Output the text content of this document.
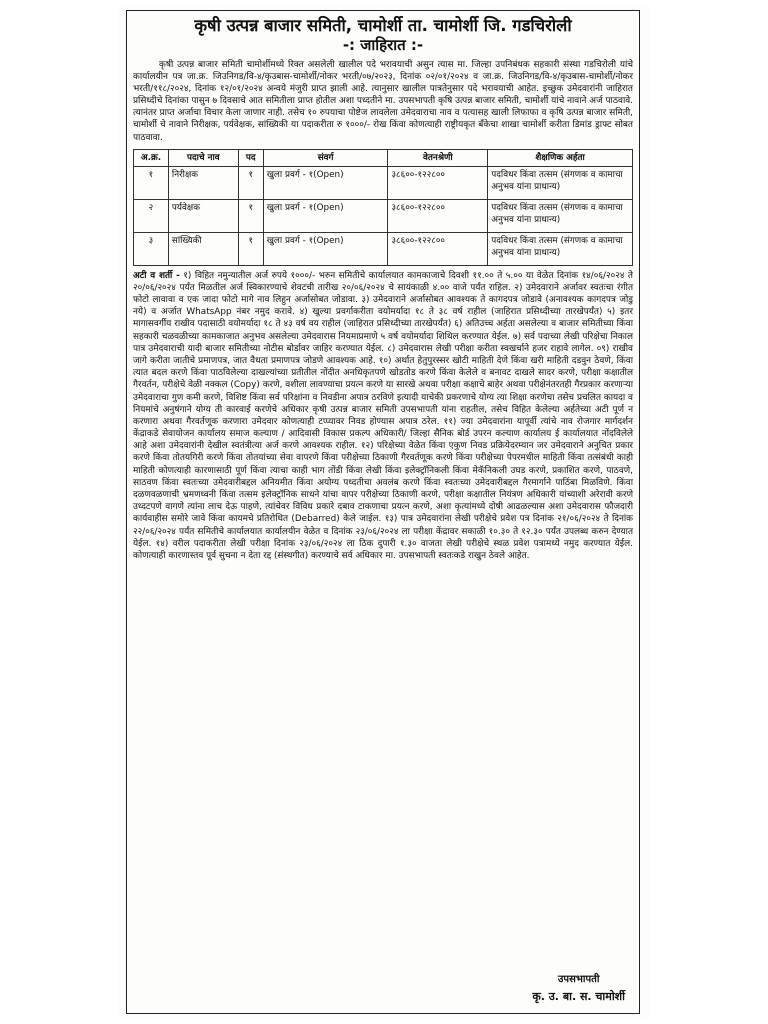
कृषी उत्पन्न बाजार समिती, चामोर्शी ता. चामोर्शी जि. गडचिरोली
-: जाहिरात :-

कृषी उत्पन्न बाजार समिती चामोर्शीमध्ये रिक्त असलेली खालील पदे भरावयाची असुन त्यास मा. जिल्हा उपनिबंधक सहकारी संस्था गडचिरोली यांचे कार्यालयीन पत्र जा.क्र. जिउनिगड/वि-४/कृउबास-चामोर्शी/नोकर भरती/०७/२०२३, दिनांक ०२/०१/२०२४ व जा.क्र. जिउनिगड/वि-४/कृउबास-चामोर्शी/नोकर भरती/११८/२०२४, दिनांक १२/०१/२०२४ अन्वये मंजुरी प्राप्त झाली आहे. त्यानुसार खालील पात्रतेनुसार पदे भरावयाची आहेत. इच्छुक उमेदवारांनी जाहिरात प्रसिध्दीचे दिनांका पासुन ७ दिवसाचे आत समितीला प्राप्त होतील अशा पध्दतीने मा. उपसभापती कृषि उत्पन्न बाजार समिती, चामोर्शी यांचे नावाने अर्ज पाठवावे. त्यानंतर प्राप्त अर्जाचा विचार केला जाणार नाही. तसेच १० रुपयाचा पोष्टेज लावलेला उमेदवाराचा नाव व पत्यासह खाली लिफाफा व कृषि उत्पन्न बाजार समिती, चामोर्शी चे नावाने निरीक्षक, पर्यवेक्षक, सांख्यिकी या पदाकरीता रु १०००/- रोख किंवा कोणत्याही राष्ट्रीयकृत बँकेचा शाखा चामोर्शी करीता डिमांड ड्राफ्ट सोबत पाठवावा.

अ.क्र.	पदाचे नाव	पद	संवर्ग	वेतनश्रेणी	शैक्षणिक अर्हता
१	निरीक्षक	१	खुला प्रवर्ग - १(Open)	३८६००-१२२८००	पदविधर किंवा तत्सम (संगणक व कामाचा अनुभव यांना प्राधान्य)
२	पर्यवेक्षक	१	खुला प्रवर्ग - १(Open)	३८६००-१२२८००	पदविधर किंवा तत्सम (संगणक व कामाचा अनुभव यांना प्राधान्य)
३	सांख्यिकी	१	खुला प्रवर्ग - १(Open)	३८६००-१२२८००	पदविधर किंवा तत्सम (संगणक व कामाचा अनुभव यांना प्राधान्य)

अटी व शर्ती - १) विहित नमुन्यातील अर्ज रुपये १०००/- भरुन समितीचे कार्यालयात कामकाजाचे दिवशी ११.०० ते ५.०० या वेळेत दिनांक १४/०६/२०२४ ते २०/०६/२०२४ पर्यंत मिळतील अर्ज स्विकारण्याचे शेवटची तारीख २०/०६/२०२४ चे सायंकाळी ४.०० वाजे पर्यंत राहिल. २) उमेदवाराने अर्जावर स्वतःचा रंगीत फोटो लावावा व एक जादा फोटो मागे नाव लिहुन अर्जासोबत जोडावा. ३) उमेदवाराने अर्जासोबत आवश्यक ते कागदपत्र जोडावे (अनावश्यक कागदपत्र जोडु नये) व अर्जात WhatsApp नंबर नमुद करावे. ४) खुल्या प्रवर्गाकरीता वयोमर्यादा १८ ते ३८ वर्ष राहील (जाहिरात प्रसिध्दीच्या तारखेपर्यंत) ५) इतर मागासवर्गीय राखीव पदासाठी वयोमर्यादा १८ ते ४३ वर्ष वय राहील (जाहिरात प्रसिध्दीच्या तारखेपर्यंत) ६) अतिउच्च अर्हता असलेल्या व बाजार समितीच्या किंवा सहकारी चळवळीच्या कामकाजात अनुभव असलेल्या उमेदवारास नियमाप्रमाणे ५ वर्ष वयोमर्यादा शिथिल करण्यात येईल. ७) सर्व पदाच्या लेखी परिक्षेचा निकाल पात्र उमेदवाराची यादी बाजार समितीच्या नोटीस बोर्डावर जाहिर करण्यात येईल. ८) उमेदवारास लेखी परीक्षा करीता स्वखर्चाने हजर राहावे लागेल. ०९) राखीव जागे करीता जातीचे प्रमाणपत्र, जात वैधता प्रमाणपत्र जोडणे आवश्यक आहे. १०) अर्थात हेतुपुरस्सर खोटी माहिती देणे किंवा खरी माहिती दडवुन ठेवणे, किंवा त्यात बदल करणे किंवा पाठविलेल्या दाखल्यांच्या प्रतीतील नोंदीत अनधिकृतपणे खोडतोड करणे किंवा केलेले व बनावट दाखले सादर करणे, परीक्षा कक्षातील गैरवर्तन, परीक्षेचे वेळी नक्कल (Copy) करणे, वशीला लावण्याचा प्रयत्न करणे या सारखे अथवा परीक्षा कक्षाचे बाहेर अथवा परीक्षेनंतरतही गैरप्रकार करणाऱ्या उमेदवाराचा गुण कमी करणे, विशिष्ट किंवा सर्व परिक्षांना व निवडीना अपात्र ठरविणे इत्यादी याचेकी प्रकरणाचे योग्य त्या शिक्षा करणेचा तसेच प्रचलित कायदा व नियमांचे अनुषंगाने योग्य ती कारवाई करणेचे अधिकार कृषी उत्पन्न बाजार समिती उपसभापती यांना राहतील, तसेच विहित केलेल्या अर्हतेच्या अटी पूर्ण न करणारा अथवा गैरवर्तणूक करणारा उमेदवार कोणत्याही टप्प्यावर निवड होण्यास अपात्र ठरेल. ११) ज्या उमेदवारांना यापूर्वी त्यांचे नाव रोजगार मार्गदर्शन केंद्राकडे सेवायोजन कार्यालय समाज कल्याण / आदिवासी विकास प्रकल्प अधिकारी/ जिल्हा सैनिक बोर्ड उपरन कल्याण कार्यालय ई कार्यालयात नोंदविलेले आहे अशा उमेदवारांनी देखील स्वतंत्रीत्या अर्ज करणे आवश्यक राहील. १२) परिक्षेच्या वेळेत किंवा एकुण निवड प्रक्रियेदरम्यान जर उमेदवाराने अनुचित प्रकार करणे किंवा तोतयगिरी करणे किंवा तोतयांच्या सेवा वापरणे किंवा परीक्षेच्या ठिकाणी गैरवर्तणूक करणे किंवा परीक्षेच्या पेपरमधील माहिती किंवा तत्संबंधी काही माहिती कोणत्याही कारणासाठी पूर्ण किंवा त्याचा काही भाग तोंडी किंवा लेखी किंवा इलेक्ट्रॉनिकली किंवा मेकॅनिकली उघड करणे, प्रकाशित करणे, पाठवणे, साठवण किंवा स्वतःच्या उमेदवारीबद्दल अनियमीत किंवा अयोग्य पध्दतीचा अवलंब करणे किंवा स्वतःच्या उमेदवारीबद्दल गैरमार्गाने पाठिंबा मिळविणे. किंवा दळणवळणाची भ्रमणध्वनी किंवा तत्सम इलेक्ट्रॉनिक साधने यांचा वापर परीक्षेच्या ठिकाणी करणे, परीक्षा कक्षातील नियंत्रण अधिकारी यांच्याशी अरेरावी करणे उध्दटपणे वागणे त्यांना लाच देऊ पाहणे, त्यांचेवर विविध प्रकारे दबाव टाकणाचा प्रयत्न करणे, अशा कृत्यांमध्ये दोषी आढळल्यास अशा उमेदवारास फौजदारी कार्यवाहीस समोरे जावे किंवा कायमचे प्रतिरोधित (Debarred) केले जाईल. १३) पात्र उमेदवारांना लेखी परीक्षेचे प्रवेश पत्र दिनांक २१/०६/२०२४ ते दिनांक २२/०६/२०२४ पर्यंत समितीचे कार्यालयात कार्यालयीन वेळेत व दिनांक २३/०६/२०२४ ला परीक्षा केंद्रावर सकाळी १०.३० ते १२.३० पर्यंत उपलब्ध करुन देण्यात येईल. १४) वरील पदाकरीता लेखी परीक्षा दिनांक २३/०६/२०२४ ला ठिक दुपारी १.३० वाजता लेखी परीक्षेचे स्थळ प्रवेश पत्रामध्ये नमुद करण्यात येईल. कोणत्याही कारणास्तव पूर्व सुचना न देता रद्द (संस्थगीत) करण्याचे सर्व अधिकार मा. उपसभापती स्वतःकडे राखुन ठेवले आहेत.

उपसभापती
कृ. उ. बा. स. चामोर्शी
